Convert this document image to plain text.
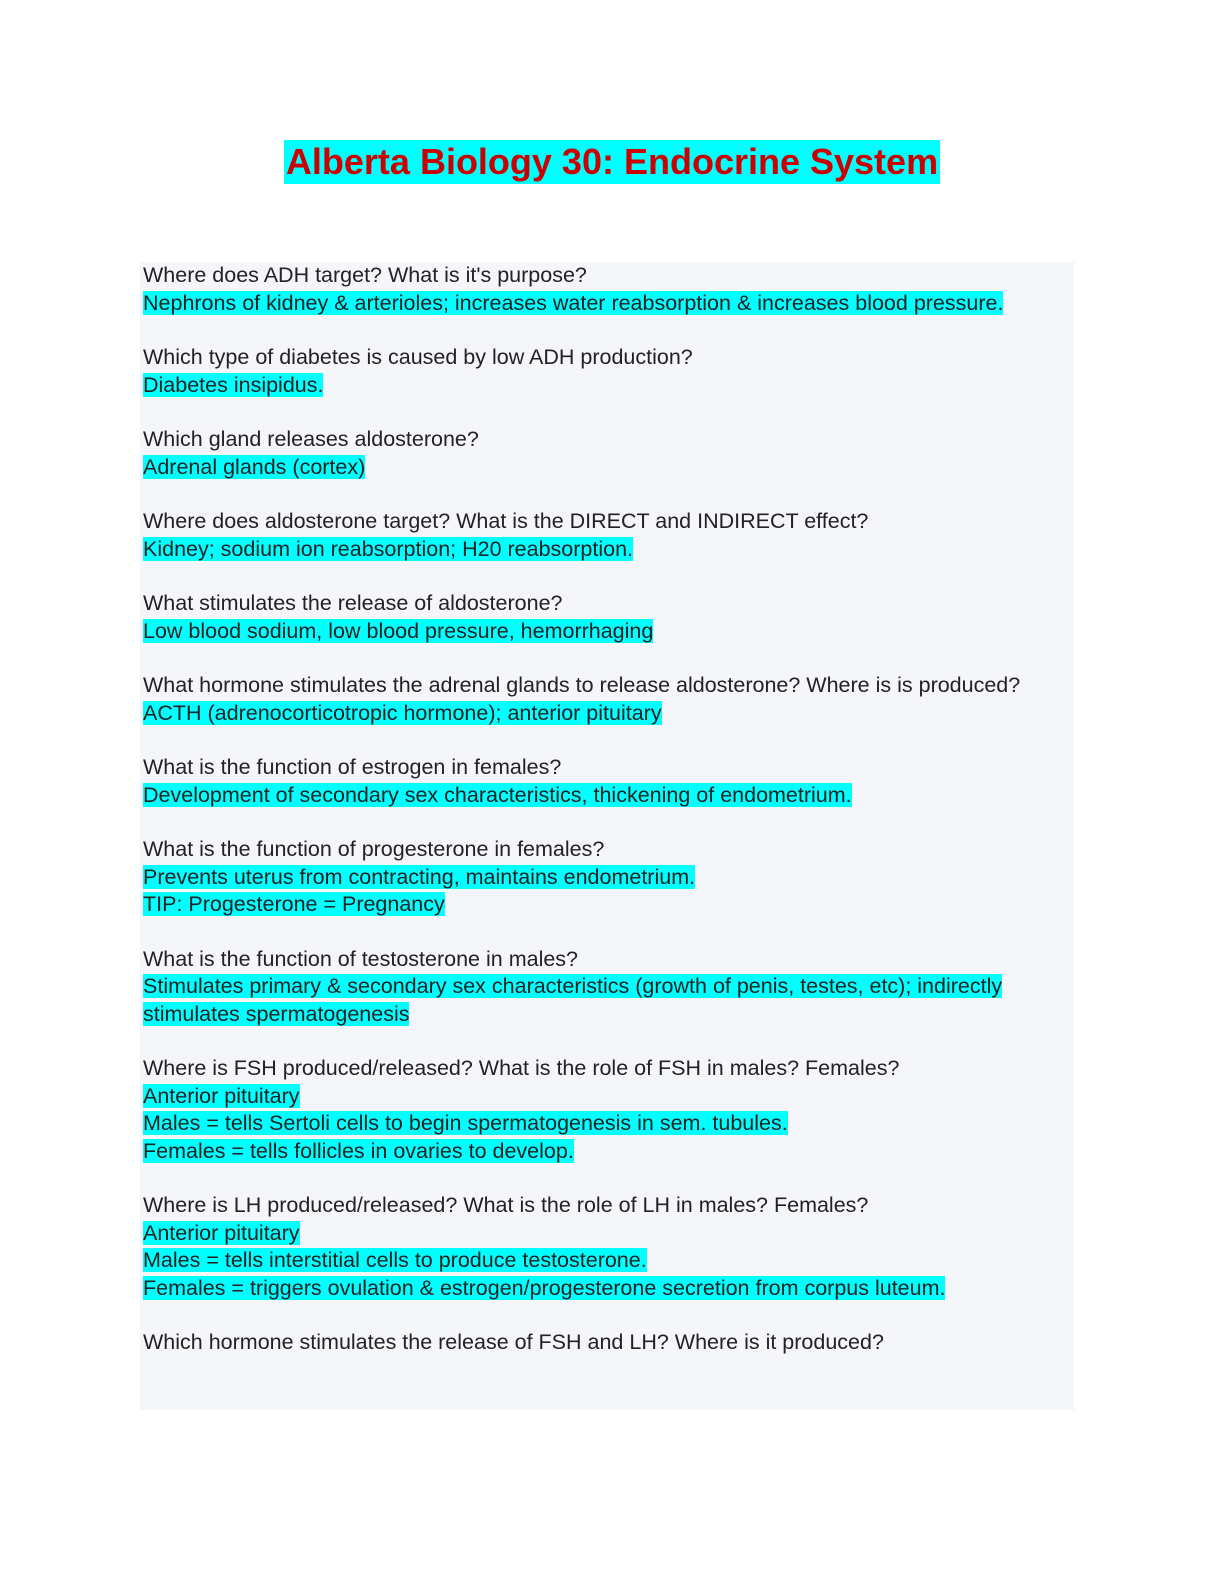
Alberta Biology 30: Endocrine System
Where does ADH target? What is it's purpose?
Nephrons of kidney & arterioles; increases water reabsorption & increases blood pressure.
Which type of diabetes is caused by low ADH production?
Diabetes insipidus.
Which gland releases aldosterone?
Adrenal glands (cortex)
Where does aldosterone target? What is the DIRECT and INDIRECT effect?
Kidney; sodium ion reabsorption; H20 reabsorption.
What stimulates the release of aldosterone?
Low blood sodium, low blood pressure, hemorrhaging
What hormone stimulates the adrenal glands to release aldosterone? Where is is produced?
ACTH (adrenocorticotropic hormone); anterior pituitary
What is the function of estrogen in females?
Development of secondary sex characteristics, thickening of endometrium.
What is the function of progesterone in females?
Prevents uterus from contracting, maintains endometrium.
TIP: Progesterone = Pregnancy
What is the function of testosterone in males?
Stimulates primary & secondary sex characteristics (growth of penis, testes, etc); indirectly stimulates spermatogenesis
Where is FSH produced/released? What is the role of FSH in males? Females?
Anterior pituitary
Males = tells Sertoli cells to begin spermatogenesis in sem. tubules.
Females = tells follicles in ovaries to develop.
Where is LH produced/released? What is the role of LH in males? Females?
Anterior pituitary
Males = tells interstitial cells to produce testosterone.
Females = triggers ovulation & estrogen/progesterone secretion from corpus luteum.
Which hormone stimulates the release of FSH and LH? Where is it produced?
